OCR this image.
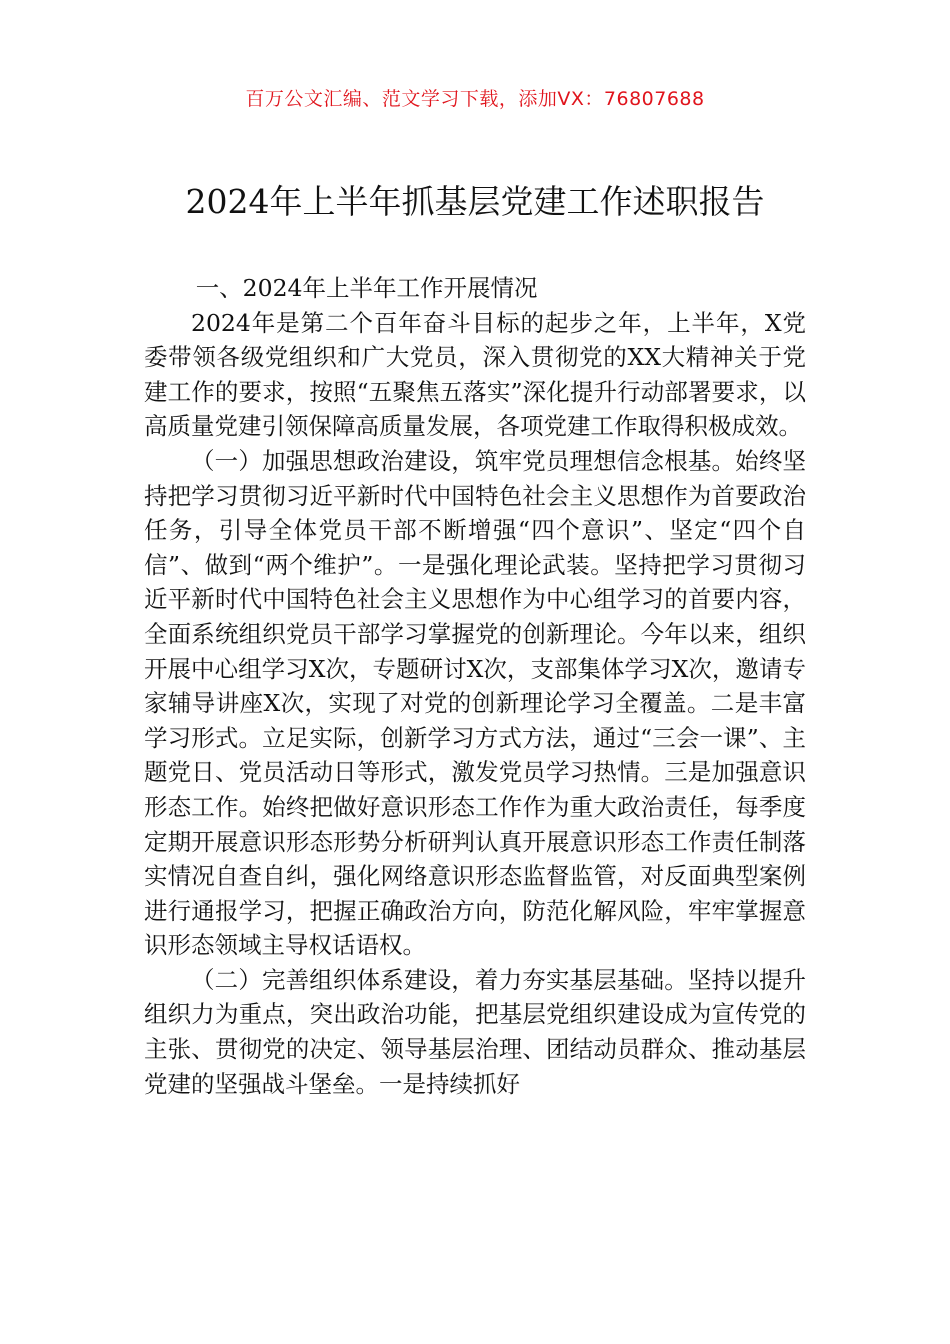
百万公文汇编、范文学习下载，添加VX：76807688
2024年上半年抓基层党建工作述职报告

一、2024年上半年工作开展情况

2024年是第二个百年奋斗目标的起步之年，上半年，X党委带领各级党组织和广大党员，深入贯彻党的XX大精神关于党建工作的要求，按照“五聚焦五落实”深化提升行动部署要求，以高质量党建引领保障高质量发展，各项党建工作取得积极成效。

（一）加强思想政治建设，筑牢党员理想信念根基。始终坚持把学习贯彻习近平新时代中国特色社会主义思想作为首要政治任务，引导全体党员干部不断增强“四个意识”、坚定“四个自信”、做到“两个维护”。一是强化理论武装。坚持把学习贯彻习近平新时代中国特色社会主义思想作为中心组学习的首要内容，全面系统组织党员干部学习掌握党的创新理论。今年以来，组织开展中心组学习X次，专题研讨X次，支部集体学习X次，邀请专家辅导讲座X次，实现了对党的创新理论学习全覆盖。二是丰富学习形式。立足实际，创新学习方式方法，通过“三会一课”、主题党日、党员活动日等形式，激发党员学习热情。三是加强意识形态工作。始终把做好意识形态工作作为重大政治责任，每季度定期开展意识形态形势分析研判认真开展意识形态工作责任制落实情况自查自纠，强化网络意识形态监督监管，对反面典型案例进行通报学习，把握正确政治方向，防范化解风险，牢牢掌握意识形态领域主导权话语权。

（二）完善组织体系建设，着力夯实基层基础。坚持以提升组织力为重点，突出政治功能，把基层党组织建设成为宣传党的主张、贯彻党的决定、领导基层治理、团结动员群众、推动基层党建的坚强战斗堡垒。一是持续抓好
